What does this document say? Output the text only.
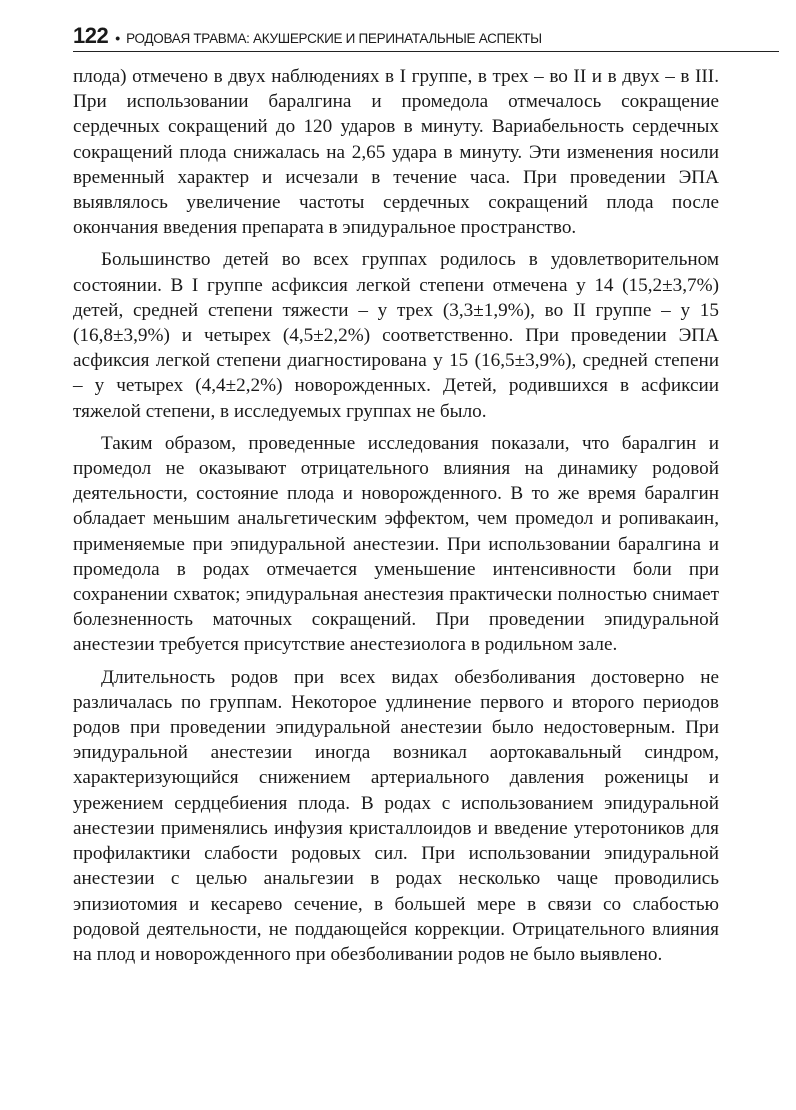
122 • РОДОВАЯ ТРАВМА: АКУШЕРСКИЕ И ПЕРИНАТАЛЬНЫЕ АСПЕКТЫ

плода) отмечено в двух наблюдениях в I группе, в трех – во II и в двух – в III. При использовании баралгина и промедола отмечалось сокращение сердечных сокращений до 120 ударов в минуту. Вариабельность сердечных сокращений плода снижалась на 2,65 удара в минуту. Эти изменения носили временный характер и исчезали в течение часа. При проведении ЭПА выявлялось увеличение частоты сердечных сокращений плода после окончания введения препарата в эпидуральное пространство.

Большинство детей во всех группах родилось в удовлетворительном состоянии. В I группе асфиксия легкой степени отмечена у 14 (15,2±3,7%) детей, средней степени тяжести – у трех (3,3±1,9%), во II группе – у 15 (16,8±3,9%) и четырех (4,5±2,2%) соответственно. При проведении ЭПА асфиксия легкой степени диагностирована у 15 (16,5±3,9%), средней степени – у четырех (4,4±2,2%) новорожденных. Детей, родившихся в асфиксии тяжелой степени, в исследуемых группах не было.

Таким образом, проведенные исследования показали, что баралгин и промедол не оказывают отрицательного влияния на динамику родовой деятельности, состояние плода и новорожденного. В то же время баралгин обладает меньшим анальгетическим эффектом, чем промедол и ропивакаин, применяемые при эпидуральной анестезии. При использовании баралгина и промедола в родах отмечается уменьшение интенсивности боли при сохранении схваток; эпидуральная анестезия практически полностью снимает болезненность маточных сокращений. При проведении эпидуральной анестезии требуется присутствие анестезиолога в родильном зале.

Длительность родов при всех видах обезболивания достоверно не различалась по группам. Некоторое удлинение первого и второго периодов родов при проведении эпидуральной анестезии было недостоверным. При эпидуральной анестезии иногда возникал аортокавальный синдром, характеризующийся снижением артериального давления роженицы и урежением сердцебиения плода. В родах с использованием эпидуральной анестезии применялись инфузия кристаллоидов и введение утеротоников для профилактики слабости родовых сил. При использовании эпидуральной анестезии с целью анальгезии в родах несколько чаще проводились эпизиотомия и кесарево сечение, в большей мере в связи со слабостью родовой деятельности, не поддающейся коррекции. Отрицательного влияния на плод и новорожденного при обезболивании родов не было выявлено.
